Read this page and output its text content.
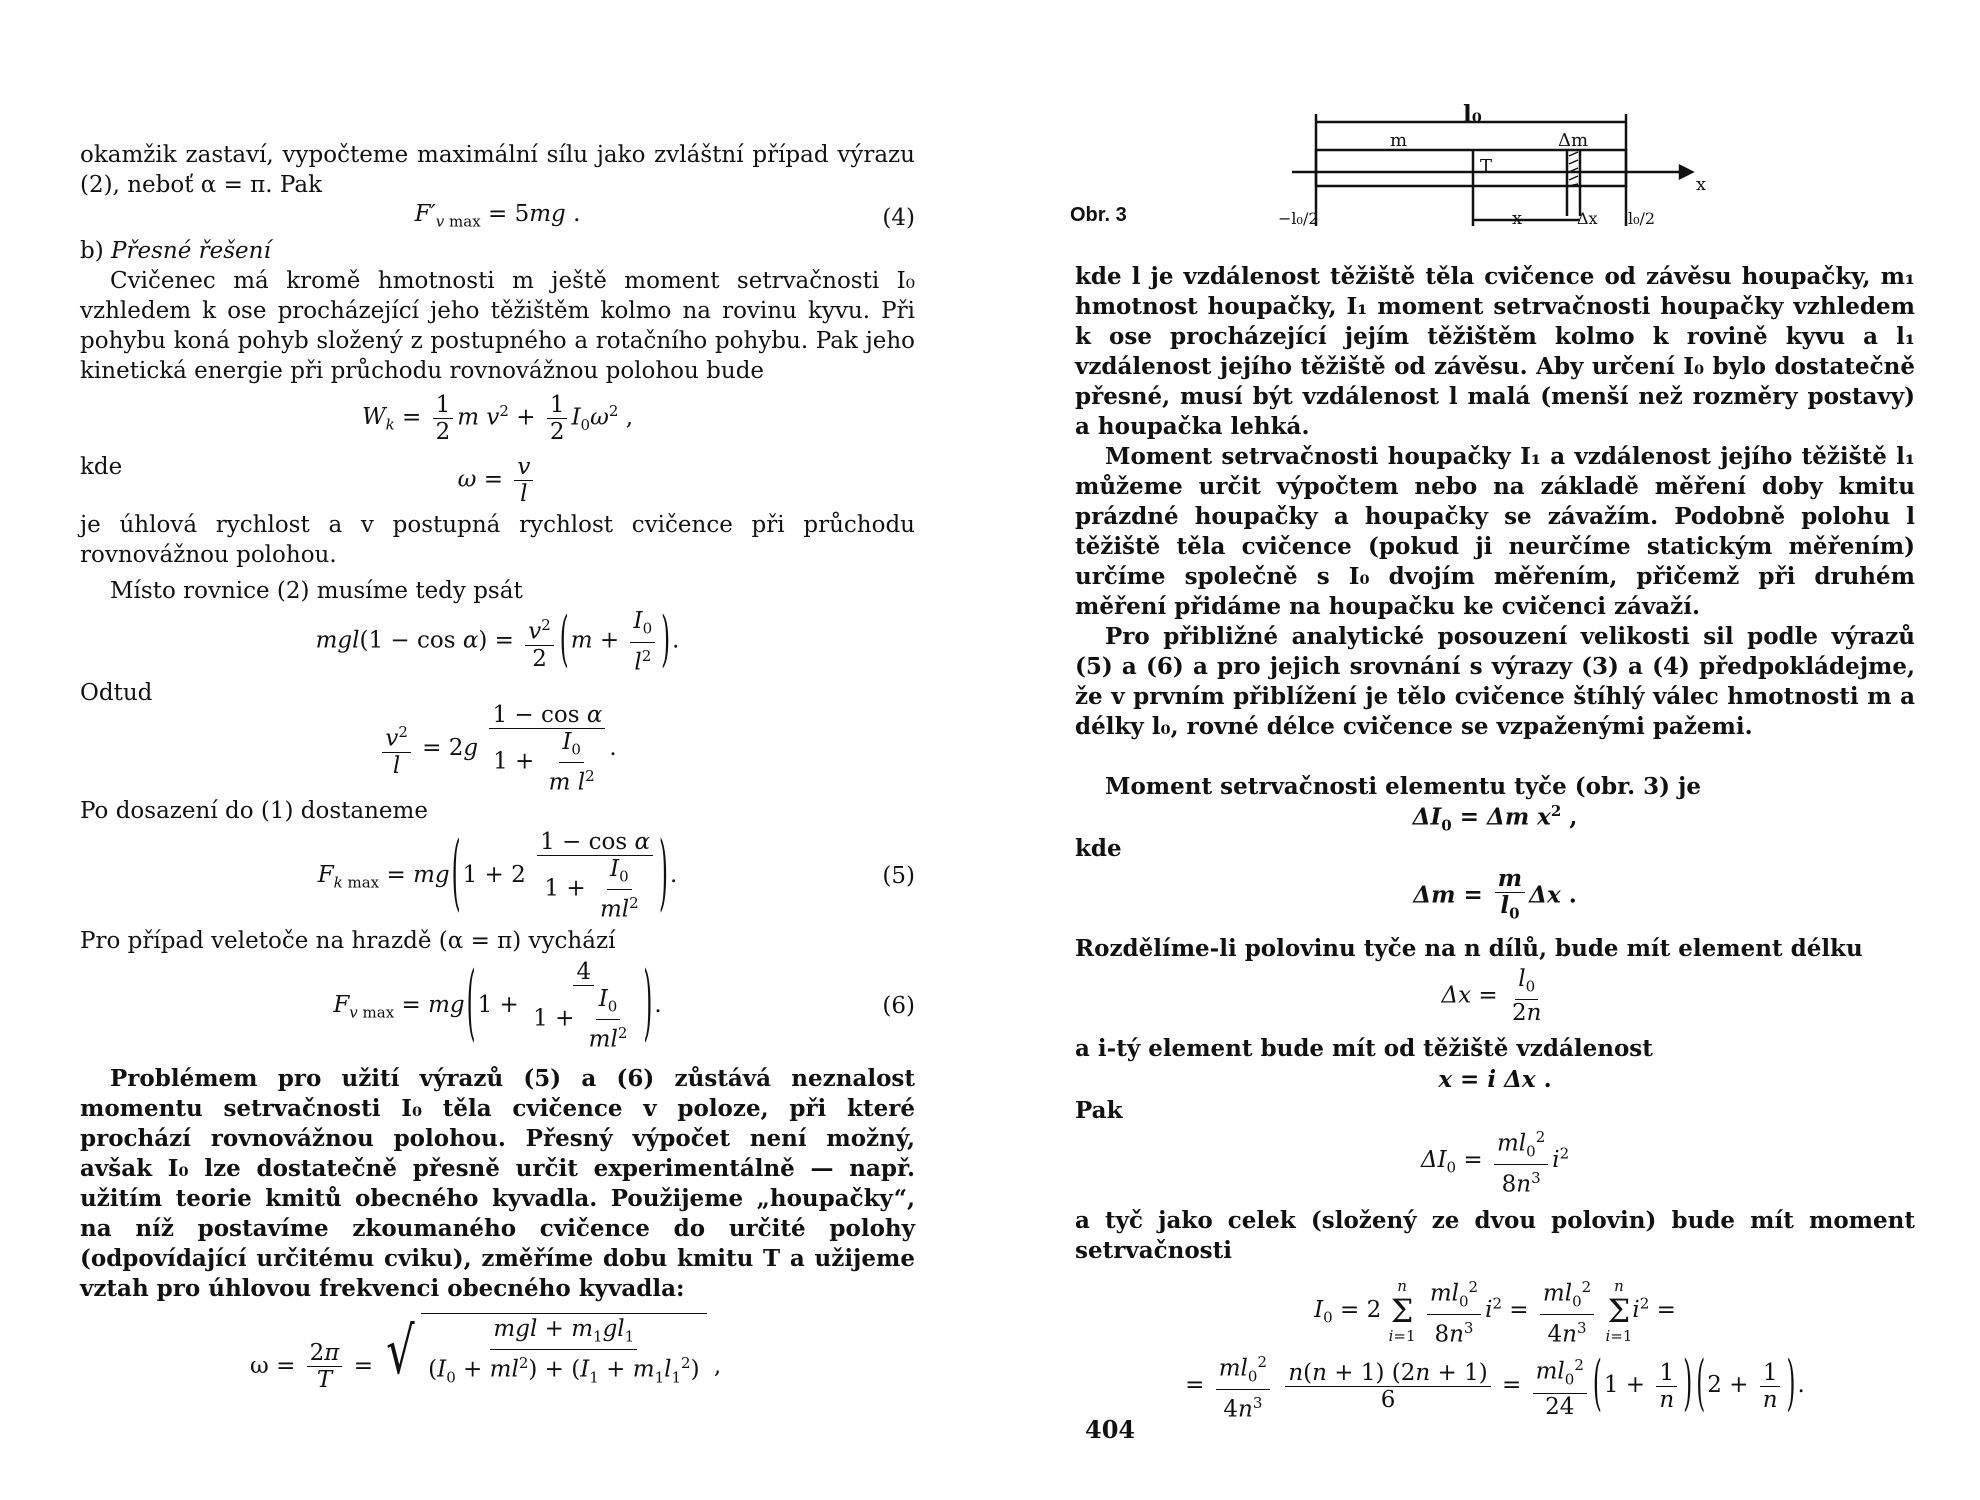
okamžik zastaví, vypočteme maximální sílu jako zvláštní případ výrazu (2), neboť α = π. Pak

$F'_{v max} = 5mg$ .	(4)

b) Přesné řešení

Cvičenec má kromě hmotnosti m ještě moment setrvačnosti I₀ vzhledem k ose procházející jeho těžištěm kolmo na rovinu kyvu. Při pohybu koná pohyb složený z postupného a rotačního pohybu. Pak jeho kinetická energie při průchodu rovnovážnou polohou bude

$W_k = \frac{1}{2}$ m $v^2 + \frac{1}{2} I_0\omega^2$ ,
kde	$\omega = \frac{v}{l}$

je úhlová rychlost a v postupná rychlost cvičence při průchodu rovnovážnou polohou.

Místo rovnice (2) musíme tedy psát

$mgl(1 - \cos \alpha) = \frac{v^2}{2} (m + \frac{I_0}{l^2}$ ).

Odtud

$\frac{v^2}{l} = 2g \frac{\text{1 − cos α}}{1 + \frac{I_0}{m l^2}}$ .

Po dosazení do (1) dostaneme

$F_k$ $_{max} = mg(1 + 2 \frac{\text{1 − cos α}}{1 + \frac{I_0}{ml^2}}$ ).	(5)

Pro případ veletoče na hrazdě (α = π) vychází

$F_v$ $_{max} = mg(1 + \frac{4}{1 + \frac{I_0}{ml^2}}$ ).	(6)

Problémem pro užití výrazů (5) a (6) zůstává neznalost momentu setrvačnosti I₀ těla cvičence v poloze, při které prochází rovnovážnou polohou. Přesný výpočet není možný, avšak I₀ lze dostatečně přesně určit experimentálně — např. užitím teorie kmitů obecného kyvadla. Použijeme „houpačky“, na níž postavíme zkoumaného cvičence do určité polohy (odpovídající určitému cviku), změříme dobu kmitu T a užijeme vztah pro úhlovou frekvenci obecného kyvadla:

$\omega = \frac{2\pi}{T}$ = √ $\frac{mgl + m_1gl_1}{(I_0 + ml^2) + (I_1 + m_1l_1^2)}$ ,
Obr. 3
l₀
m	Δm
T
x
x	Δx
−l₀/2	l₀/2

kde l je vzdálenost těžiště těla cvičence od závěsu houpačky, m₁ hmotnost houpačky, I₁ moment setrvačnosti houpačky vzhledem k ose procházející jejím těžištěm kolmo k rovině kyvu a l₁ vzdálenost jejího těžiště od závěsu. Aby určení I₀ bylo dostatečně přesné, musí být vzdálenost l malá (menší než rozměry postavy) a houpačka lehká.

Moment setrvačnosti houpačky I₁ a vzdálenost jejího těžiště l₁ můžeme určit výpočtem nebo na základě měření doby kmitu prázdné houpačky a houpačky se závažím. Podobně polohu l těžiště těla cvičence (pokud ji neurčíme statickým měřením) určíme společně s I₀ dvojím měřením, přičemž při druhém měření přidáme na houpačku ke cvičenci závaží.

Pro přibližné analytické posouzení velikosti sil podle výrazů (5) a (6) a pro jejich srovnání s výrazy (3) a (4) předpokládejme, že v prvním přiblížení je tělo cvičence štíhlý válec hmotnosti m a délky l₀, rovné délce cvičence se vzpaženými pažemi.

Moment setrvačnosti elementu tyče (obr. 3) je

$\Delta I_0 = \Delta m$ $x^2$ ,

kde

$\Delta m = \frac{m}{l_0}$ Δx .

Rozdělíme-li polovinu tyče na n dílů, bude mít element délku

$\Delta x = \frac{l_0}{2n}$

a i-tý element bude mít od těžiště vzdálenost

x = i Δx .

Pak

$\Delta I_0 = \frac{ml_0^2}{8n^3} i^2$

a tyč jako celek (složený ze dvou polovin) bude mít moment setrvačnosti

$I_0 = 2$
n
Σ
i=1
$\frac{ml_0^2}{8n^3} i^2 = \frac{ml_0^2}{4n^3}$
n
Σ
i=1
$i^2$ =
= $\frac{ml_0^2}{4n^3}$
$\frac{n(n + 1) (2n + 1)}{6} = \frac{ml_0^2}{24} (1 + \frac{1}{n}$ ) ($2 + \frac{1}{n}$ ).
404
